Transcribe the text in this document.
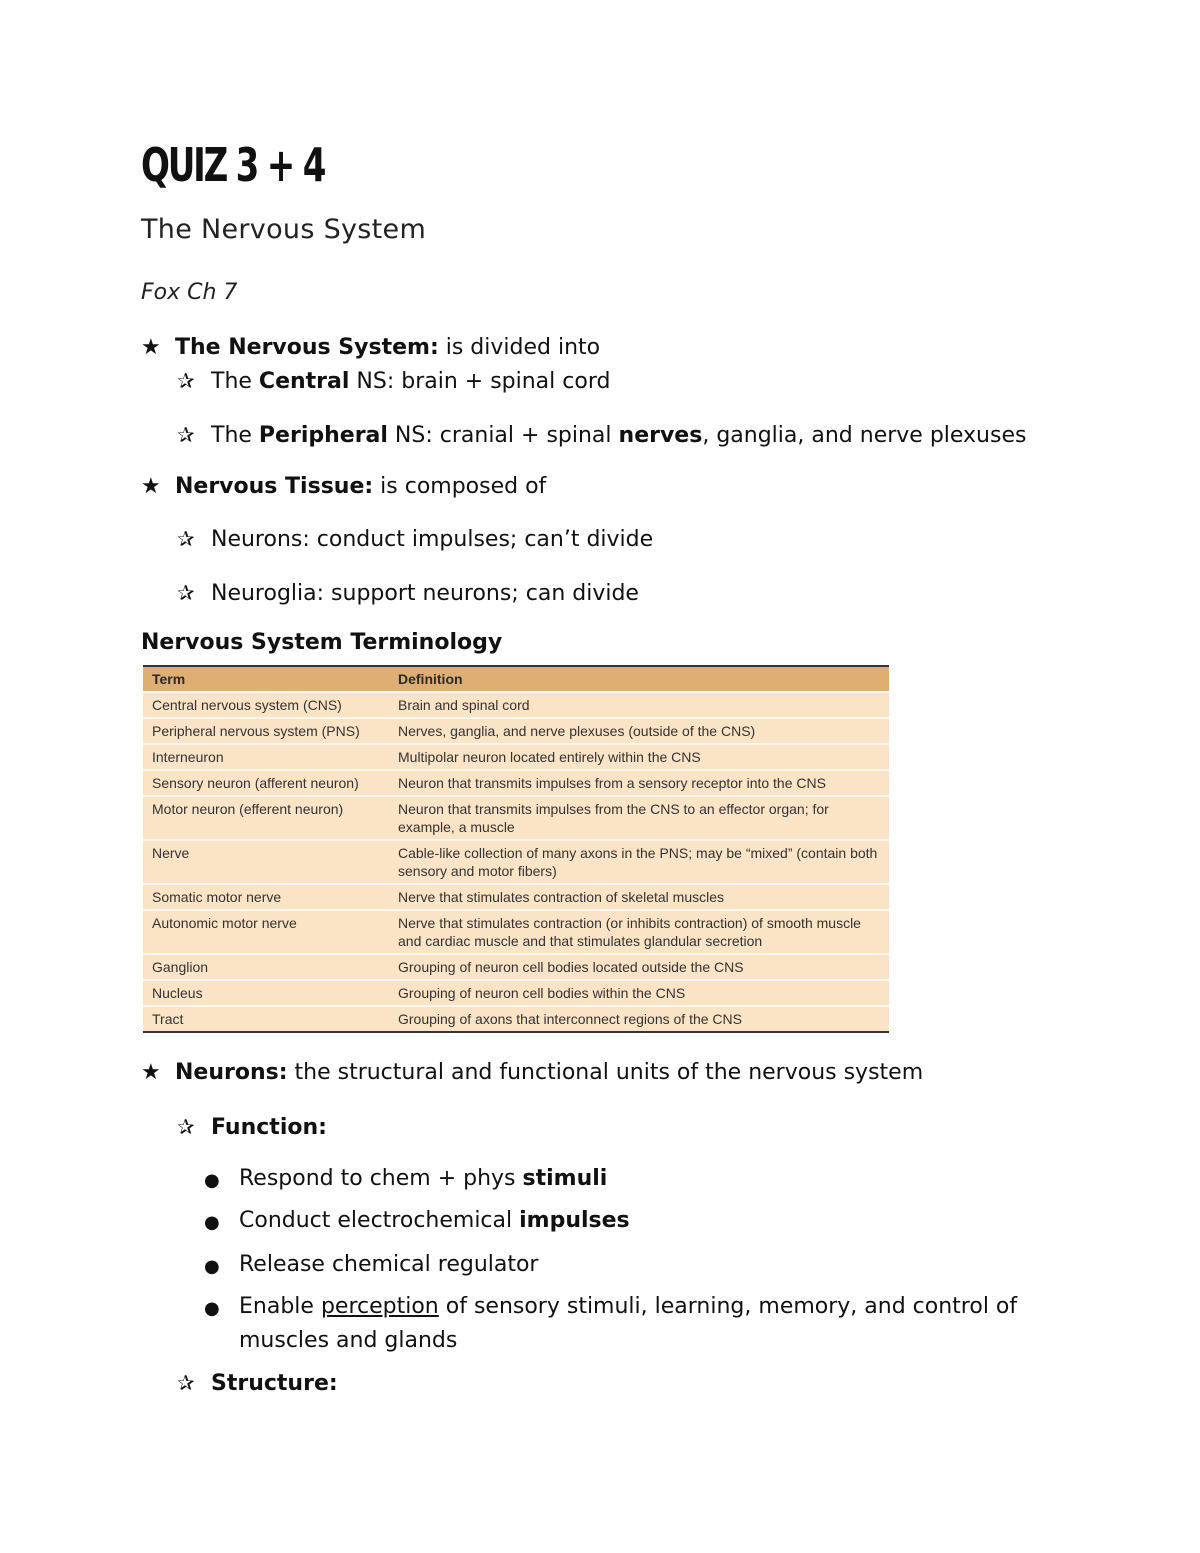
QUIZ 3 + 4
The Nervous System
Fox Ch 7
★ The Nervous System: is divided into
✰ The Central NS: brain + spinal cord
✰ The Peripheral NS: cranial + spinal nerves, ganglia, and nerve plexuses
★ Nervous Tissue: is composed of
✰ Neurons: conduct impulses; can’t divide
✰ Neuroglia: support neurons; can divide
Nervous System Terminology
Term	Definition
Central nervous system (CNS)	Brain and spinal cord
Peripheral nervous system (PNS)	Nerves, ganglia, and nerve plexuses (outside of the CNS)
Interneuron	Multipolar neuron located entirely within the CNS
Sensory neuron (afferent neuron)	Neuron that transmits impulses from a sensory receptor into the CNS
Motor neuron (efferent neuron)	Neuron that transmits impulses from the CNS to an effector organ; for example, a muscle
Nerve	Cable-like collection of many axons in the PNS; may be “mixed” (contain both sensory and motor fibers)
Somatic motor nerve	Nerve that stimulates contraction of skeletal muscles
Autonomic motor nerve	Nerve that stimulates contraction (or inhibits contraction) of smooth muscle and cardiac muscle and that stimulates glandular secretion
Ganglion	Grouping of neuron cell bodies located outside the CNS
Nucleus	Grouping of neuron cell bodies within the CNS
Tract	Grouping of axons that interconnect regions of the CNS
★ Neurons: the structural and functional units of the nervous system
✰ Function:
● Respond to chem + phys stimuli
● Conduct electrochemical impulses
● Release chemical regulator
● Enable perception of sensory stimuli, learning, memory, and control of
muscles and glands
✰ Structure:
